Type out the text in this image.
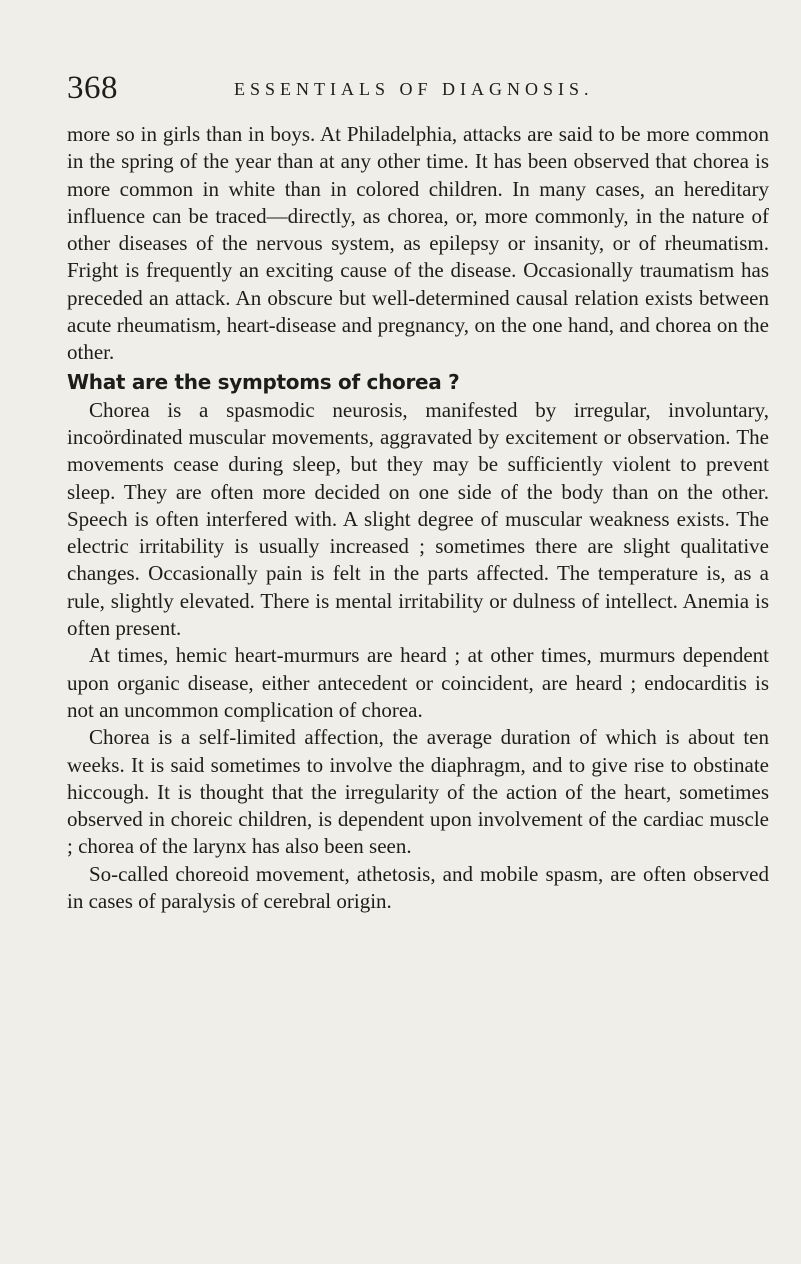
368	ESSENTIALS OF DIAGNOSIS.

more so in girls than in boys. At Philadelphia, attacks are said to be more common in the spring of the year than at any other time. It has been observed that chorea is more common in white than in colored children. In many cases, an hereditary influence can be traced—directly, as chorea, or, more commonly, in the nature of other diseases of the nervous system, as epilepsy or insanity, or of rheumatism. Fright is frequently an exciting cause of the disease. Occasionally traumatism has preceded an attack. An obscure but well-determined causal relation exists between acute rheumatism, heart-disease and pregnancy, on the one hand, and chorea on the other.

What are the symptoms of chorea ?

Chorea is a spasmodic neurosis, manifested by irregular, involuntary, incoördinated muscular movements, aggravated by excitement or observation. The movements cease during sleep, but they may be sufficiently violent to prevent sleep. They are often more decided on one side of the body than on the other. Speech is often interfered with. A slight degree of muscular weakness exists. The electric irritability is usually increased ; sometimes there are slight qualitative changes. Occasionally pain is felt in the parts affected. The temperature is, as a rule, slightly elevated. There is mental irritability or dulness of intellect. Anemia is often present.

At times, hemic heart-murmurs are heard ; at other times, murmurs dependent upon organic disease, either antecedent or coincident, are heard ; endocarditis is not an uncommon complication of chorea.

Chorea is a self-limited affection, the average duration of which is about ten weeks. It is said sometimes to involve the diaphragm, and to give rise to obstinate hiccough. It is thought that the irregularity of the action of the heart, sometimes observed in choreic children, is dependent upon involvement of the cardiac muscle ; chorea of the larynx has also been seen.

So-called choreoid movement, athetosis, and mobile spasm, are often observed in cases of paralysis of cerebral origin.
